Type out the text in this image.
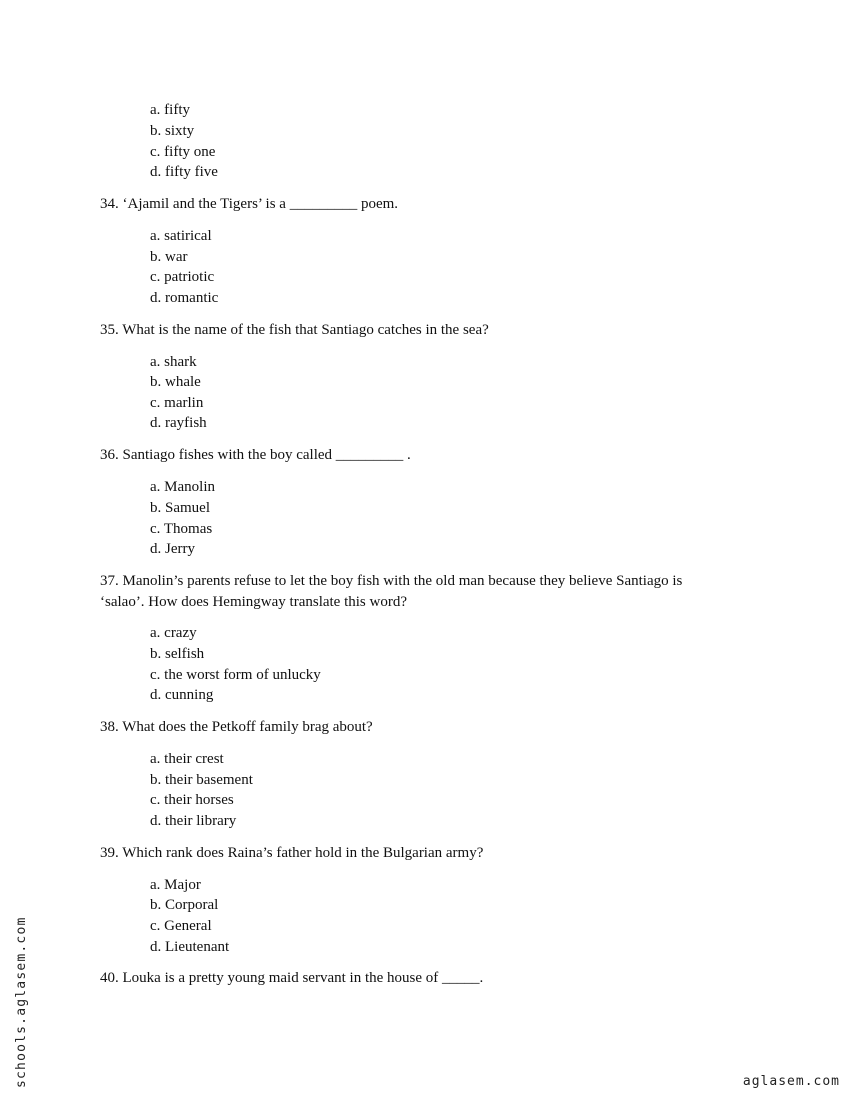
a. fifty
b. sixty
c. fifty one
d. fifty five
34. ‘Ajamil and the Tigers’ is a _________ poem.
a. satirical
b. war
c. patriotic
d. romantic
35. What is the name of the fish that Santiago catches in the sea?
a. shark
b. whale
c. marlin
d. rayfish
36. Santiago fishes with the boy called _________ .
a. Manolin
b. Samuel
c. Thomas
d. Jerry
37. Manolin’s parents refuse to let the boy fish with the old man because they believe Santiago is
‘salao’. How does Hemingway translate this word?
a. crazy
b. selfish
c. the worst form of unlucky
d. cunning
38. What does the Petkoff family brag about?
a. their crest
b. their basement
c. their horses
d. their library
39. Which rank does Raina’s father hold in the Bulgarian army?
a. Major
b. Corporal
c. General
d. Lieutenant
40. Louka is a pretty young maid servant in the house of _____.
schools.aglasem.com	aglasem.com
